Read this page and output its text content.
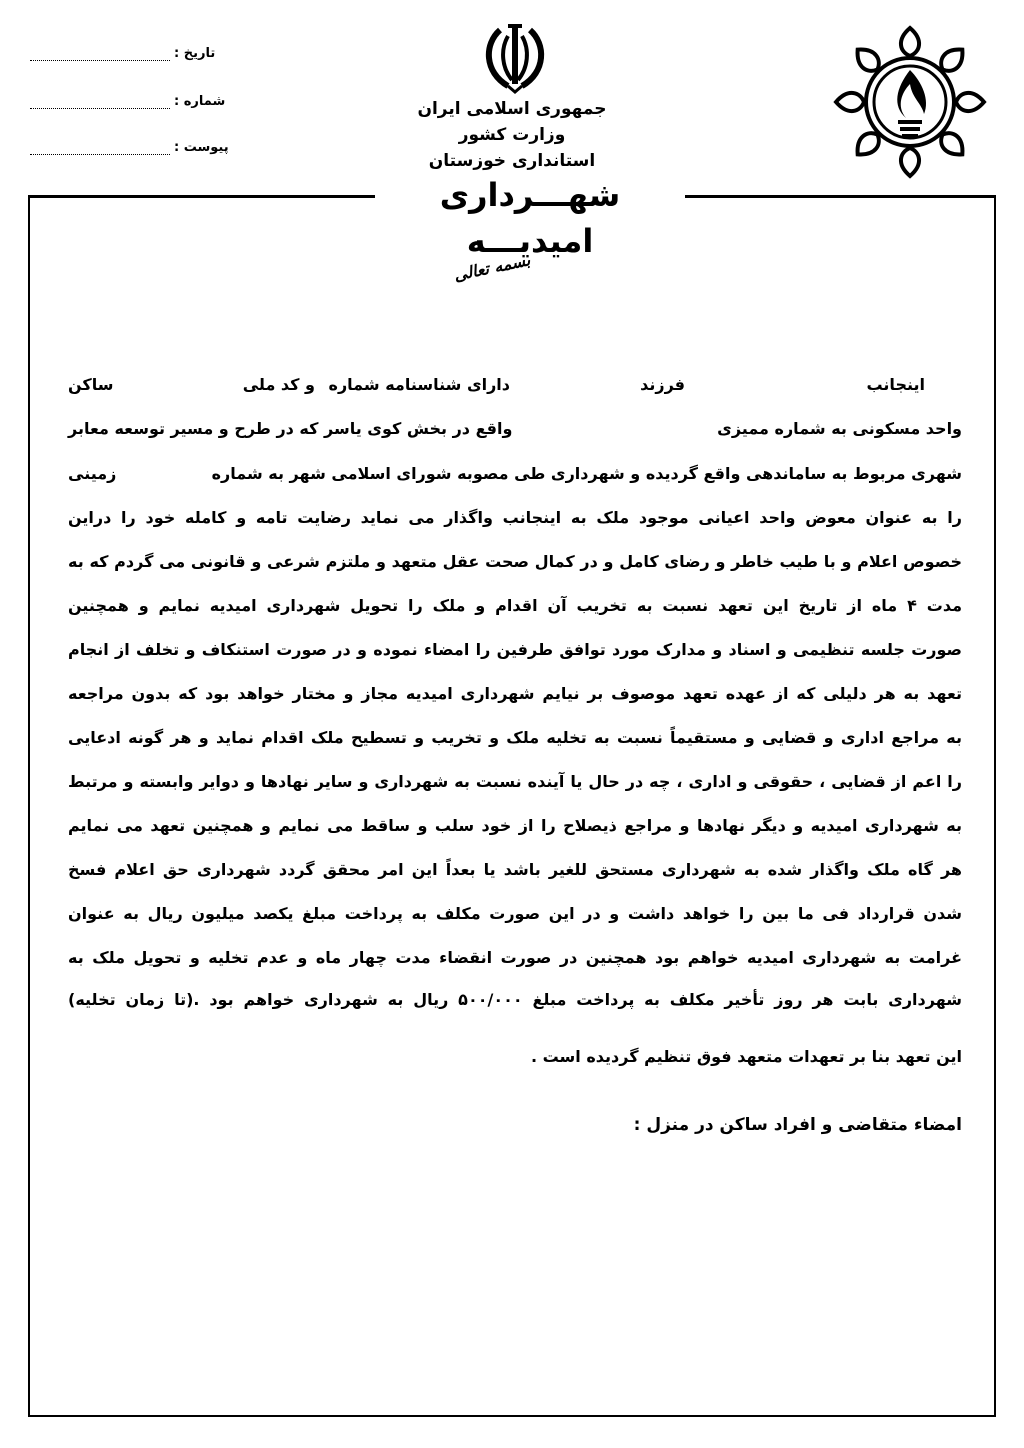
تاریخ :
شماره :
پیوست :
جمهوری اسلامی ایران
وزارت کشور
استانداری خوزستان
شهـــرداری امیدیـــه
بسمه تعالی
اینجانب
فرزند
دارای شناسنامه شماره
و کد ملی
ساکن
واحد مسکونی به شماره ممیزی
واقع در بخش کوی یاسر که در طرح و مسیر توسعه معابر
شهری مربوط به ساماندهی واقع گردیده و شهرداری طی مصوبه شورای اسلامی شهر به شماره
زمینی
را به عنوان معوض واحد اعیانی موجود ملک به اینجانب واگذار می نماید رضایت تامه و کامله خود را دراین
خصوص اعلام و با طیب خاطر و رضای کامل و در کمال صحت عقل متعهد و ملتزم شرعی و قانونی می گردم که به
مدت ۴ ماه از تاریخ این تعهد نسبت به تخریب آن اقدام و ملک را تحویل شهرداری امیدیه نمایم و همچنین
صورت جلسه تنظیمی و اسناد و مدارک مورد توافق طرفین را امضاء نموده و در صورت استنکاف و تخلف از انجام
تعهد به هر دلیلی که از عهده تعهد موصوف بر نیایم شهرداری امیدیه مجاز و مختار خواهد بود که بدون مراجعه
به مراجع اداری و قضایی و مستقیماً نسبت به تخلیه ملک و تخریب و تسطیح ملک اقدام نماید و هر گونه ادعایی
را اعم از قضایی ، حقوقی و اداری ، چه در حال یا آینده نسبت به شهرداری و سایر نهادها و دوایر وابسته و مرتبط
به شهرداری امیدیه و دیگر نهادها و مراجع ذیصلاح را از خود سلب و ساقط می نمایم و همچنین تعهد می نمایم
هر گاه ملک واگذار شده به شهرداری مستحق للغیر باشد یا بعداً این امر محقق گردد شهرداری حق اعلام فسخ
شدن قرارداد فی ما بین را خواهد داشت و در این صورت مکلف به پرداخت مبلغ یکصد میلیون ریال به عنوان
غرامت به شهرداری امیدیه خواهم بود همچنین در صورت انقضاء مدت چهار ماه و عدم تخلیه و تحویل ملک به
شهرداری بابت هر روز تأخیر مکلف به پرداخت مبلغ ۵۰۰/۰۰۰ ریال به شهرداری خواهم بود .(تا زمان تخلیه)
این تعهد بنا بر تعهدات متعهد فوق تنظیم گردیده است .
امضاء متقاضی و افراد ساکن در منزل :
